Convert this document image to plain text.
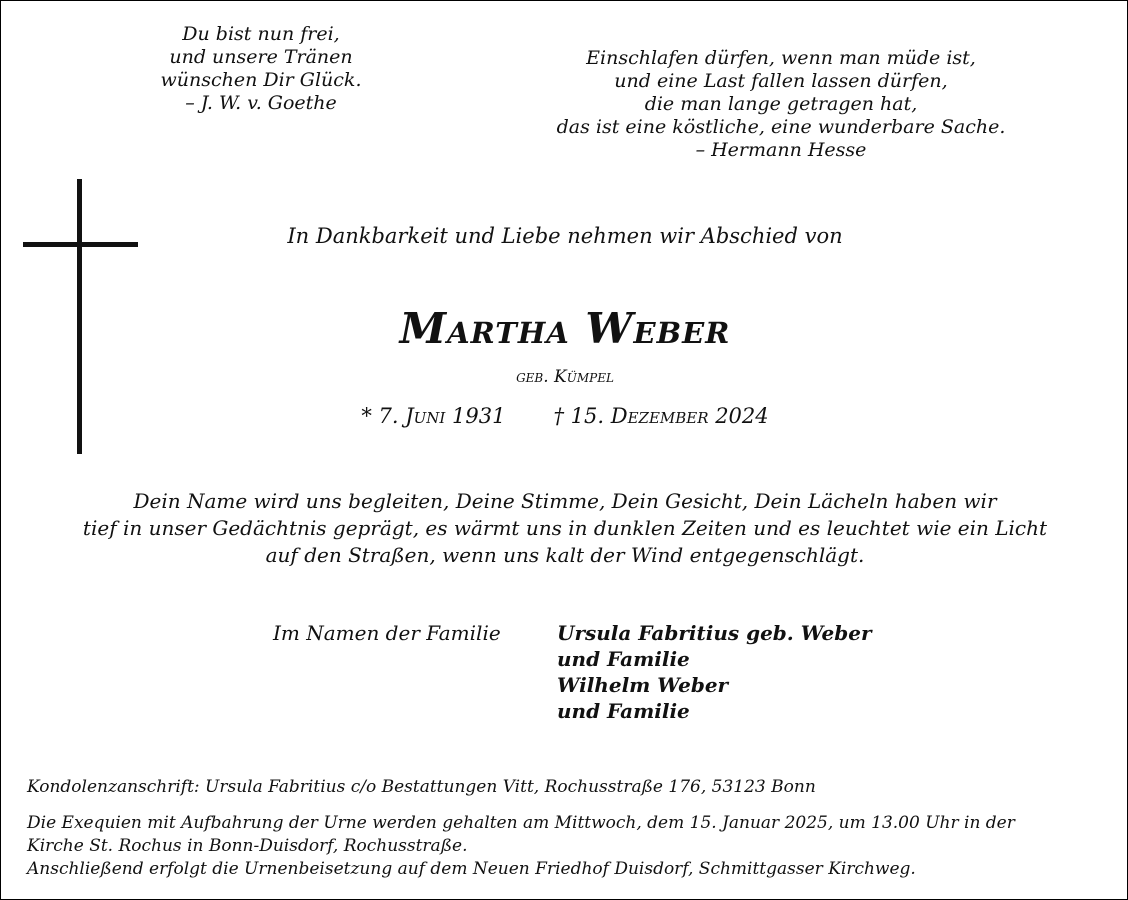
Du bist nun frei,
und unsere Tränen
wünschen Dir Glück.
– J. W. v. Goethe
Einschlafen dürfen, wenn man müde ist,
und eine Last fallen lassen dürfen,
die man lange getragen hat,
das ist eine köstliche, eine wunderbare Sache.
– Hermann Hesse
In Dankbarkeit und Liebe nehmen wir Abschied von
Martha Weber
geb. Kümpel
* 7. Juni 1931 † 15. Dezember 2024
Dein Name wird uns begleiten, Deine Stimme, Dein Gesicht, Dein Lächeln haben wir
tief in unser Gedächtnis geprägt, es wärmt uns in dunklen Zeiten und es leuchtet wie ein Licht
auf den Straßen, wenn uns kalt der Wind entgegenschlägt.
Im Namen der Familie	Ursula Fabritius geb. Weber
und Familie
Wilhelm Weber
und Familie
Kondolenzanschrift: Ursula Fabritius c/o Bestattungen Vitt, Rochusstraße 176, 53123 Bonn
Die Exequien mit Aufbahrung der Urne werden gehalten am Mittwoch, dem 15. Januar 2025, um 13.00 Uhr in der
Kirche St. Rochus in Bonn-Duisdorf, Rochusstraße.
Anschließend erfolgt die Urnenbeisetzung auf dem Neuen Friedhof Duisdorf, Schmittgasser Kirchweg.
